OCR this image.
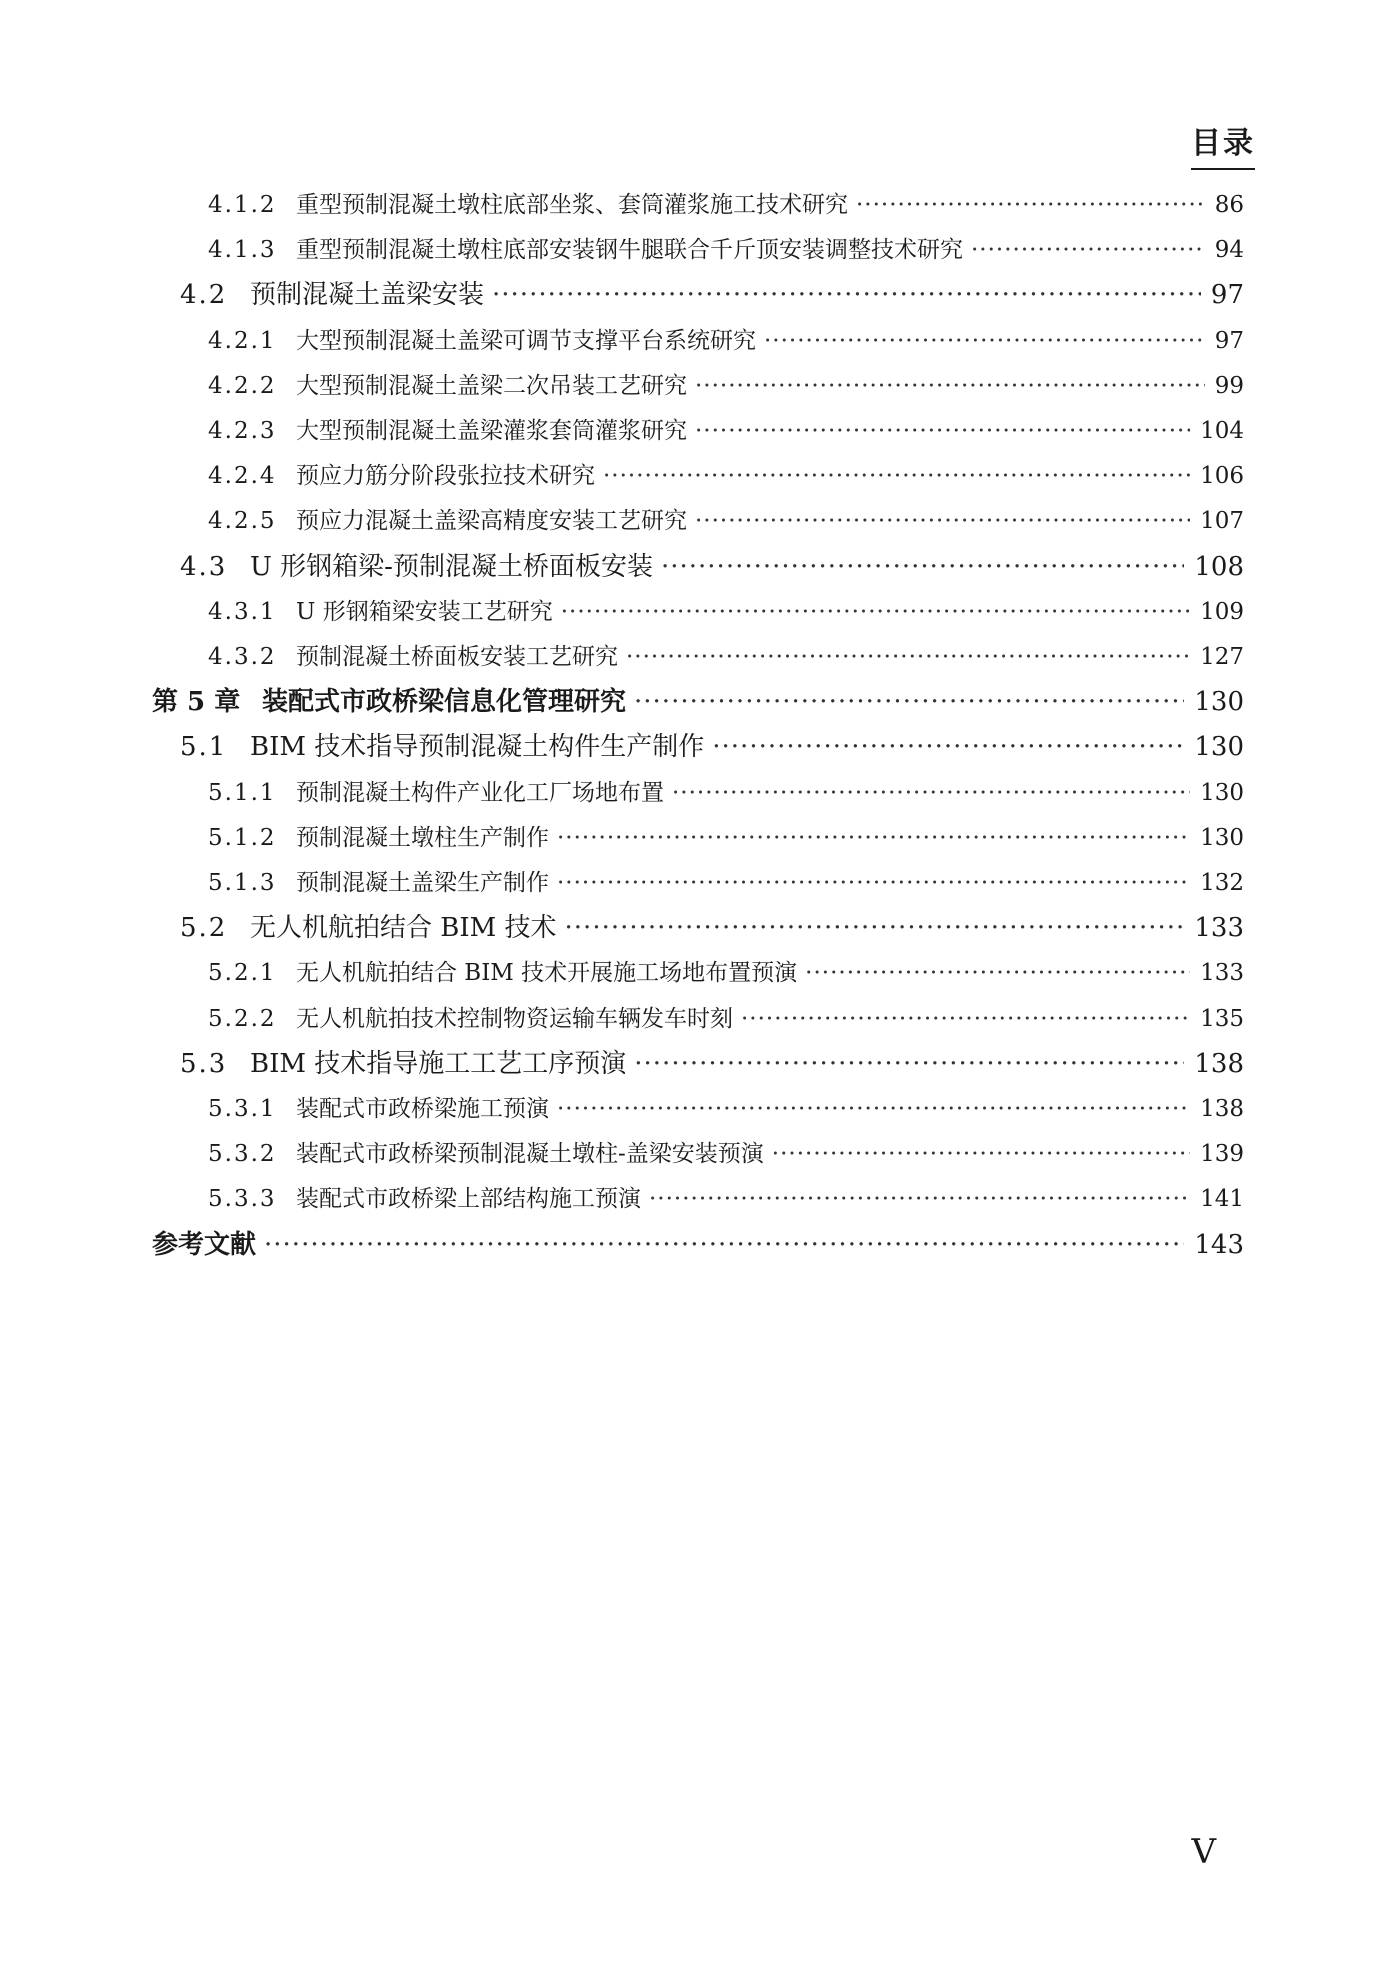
目录
4.1.2 重型预制混凝土墩柱底部坐浆、套筒灌浆施工技术研究 ·····	86
4.1.3 重型预制混凝土墩柱底部安装钢牛腿联合千斤顶安装调整技术研究 ·····	94
4.2 预制混凝土盖梁安装 ·····	97
4.2.1 大型预制混凝土盖梁可调节支撑平台系统研究 ·····	97
4.2.2 大型预制混凝土盖梁二次吊装工艺研究 ·····	99
4.2.3 大型预制混凝土盖梁灌浆套筒灌浆研究 ·····	104
4.2.4 预应力筋分阶段张拉技术研究 ·····	106
4.2.5 预应力混凝土盖梁高精度安装工艺研究 ·····	107
4.3 U 形钢箱梁-预制混凝土桥面板安装 ·····	108
4.3.1 U 形钢箱梁安装工艺研究 ·····	109
4.3.2 预制混凝土桥面板安装工艺研究 ·····	127
第 5 章 装配式市政桥梁信息化管理研究 ·····	130
5.1 BIM 技术指导预制混凝土构件生产制作 ·····	130
5.1.1 预制混凝土构件产业化工厂场地布置 ·····	130
5.1.2 预制混凝土墩柱生产制作 ·····	130
5.1.3 预制混凝土盖梁生产制作 ·····	132
5.2 无人机航拍结合 BIM 技术 ·····	133
5.2.1 无人机航拍结合 BIM 技术开展施工场地布置预演 ·····	133
5.2.2 无人机航拍技术控制物资运输车辆发车时刻 ·····	135
5.3 BIM 技术指导施工工艺工序预演 ·····	138
5.3.1 装配式市政桥梁施工预演 ·····	138
5.3.2 装配式市政桥梁预制混凝土墩柱-盖梁安装预演 ·····	139
5.3.3 装配式市政桥梁上部结构施工预演 ·····	141
参考文献 ·····	143
V
